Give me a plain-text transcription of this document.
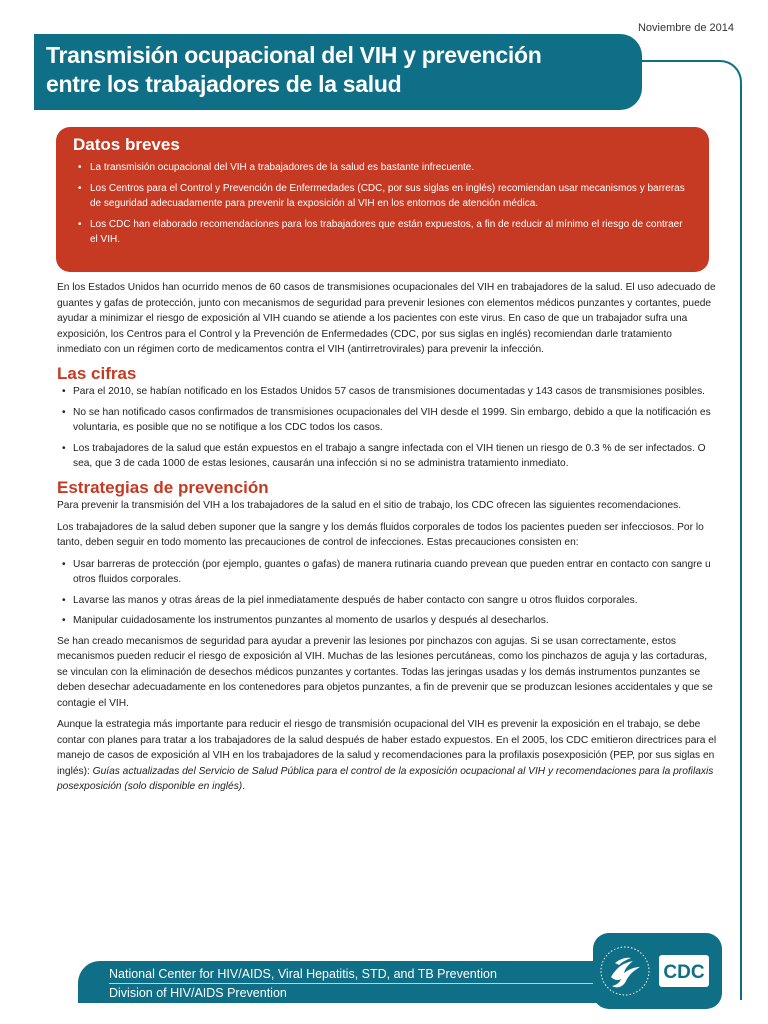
Noviembre de 2014
Transmisión ocupacional del VIH y prevención
entre los trabajadores de la salud
Datos breves
• La transmisión ocupacional del VIH a trabajadores de la salud es bastante infrecuente.
• Los Centros para el Control y Prevención de Enfermedades (CDC, por sus siglas en inglés) recomiendan usar mecanismos y barreras de seguridad adecuadamente para prevenir la exposición al VIH en los entornos de atención médica.
• Los CDC han elaborado recomendaciones para los trabajadores que están expuestos, a fin de reducir al mínimo el riesgo de contraer el VIH.

En los Estados Unidos han ocurrido menos de 60 casos de transmisiones ocupacionales del VIH en trabajadores de la salud. El uso adecuado de guantes y gafas de protección, junto con mecanismos de seguridad para prevenir lesiones con elementos médicos punzantes y cortantes, puede ayudar a minimizar el riesgo de exposición al VIH cuando se atiende a los pacientes con este virus. En caso de que un trabajador sufra una exposición, los Centros para el Control y la Prevención de Enfermedades (CDC, por sus siglas en inglés) recomiendan darle tratamiento inmediato con un régimen corto de medicamentos contra el VIH (antirretrovirales) para prevenir la infección.

Las cifras
• Para el 2010, se habían notificado en los Estados Unidos 57 casos de transmisiones documentadas y 143 casos de transmisiones posibles.
• No se han notificado casos confirmados de transmisiones ocupacionales del VIH desde el 1999. Sin embargo, debido a que la notificación es voluntaria, es posible que no se notifique a los CDC todos los casos.
• Los trabajadores de la salud que están expuestos en el trabajo a sangre infectada con el VIH tienen un riesgo de 0.3 % de ser infectados. O sea, que 3 de cada 1000 de estas lesiones, causarán una infección si no se administra tratamiento inmediato.
Estrategias de prevención

Para prevenir la transmisión del VIH a los trabajadores de la salud en el sitio de trabajo, los CDC ofrecen las siguientes recomendaciones.

Los trabajadores de la salud deben suponer que la sangre y los demás fluidos corporales de todos los pacientes pueden ser infecciosos. Por lo tanto, deben seguir en todo momento las precauciones de control de infecciones. Estas precauciones consisten en:

• Usar barreras de protección (por ejemplo, guantes o gafas) de manera rutinaria cuando prevean que pueden entrar en contacto con sangre u otros fluidos corporales.
• Lavarse las manos y otras áreas de la piel inmediatamente después de haber contacto con sangre u otros fluidos corporales.
• Manipular cuidadosamente los instrumentos punzantes al momento de usarlos y después al desecharlos.

Se han creado mecanismos de seguridad para ayudar a prevenir las lesiones por pinchazos con agujas. Si se usan correctamente, estos mecanismos pueden reducir el riesgo de exposición al VIH. Muchas de las lesiones percutáneas, como los pinchazos de aguja y las cortaduras, se vinculan con la eliminación de desechos médicos punzantes y cortantes. Todas las jeringas usadas y los demás instrumentos punzantes se deben desechar adecuadamente en los contenedores para objetos punzantes, a fin de prevenir que se produzcan lesiones accidentales y que se contagie el VIH.

Aunque la estrategia más importante para reducir el riesgo de transmisión ocupacional del VIH es prevenir la exposición en el trabajo, se debe contar con planes para tratar a los trabajadores de la salud después de haber estado expuestos. En el 2005, los CDC emitieron directrices para el manejo de casos de exposición al VIH en los trabajadores de la salud y recomendaciones para la profilaxis posexposición (PEP, por sus siglas en inglés): Guías actualizadas del Servicio de Salud Pública para el control de la exposición ocupacional al VIH y recomendaciones para la profilaxis posexposición (solo disponible en inglés).

National Center for HIV/AIDS, Viral Hepatitis, STD, and TB Prevention
Division of HIV/AIDS Prevention
CDC
